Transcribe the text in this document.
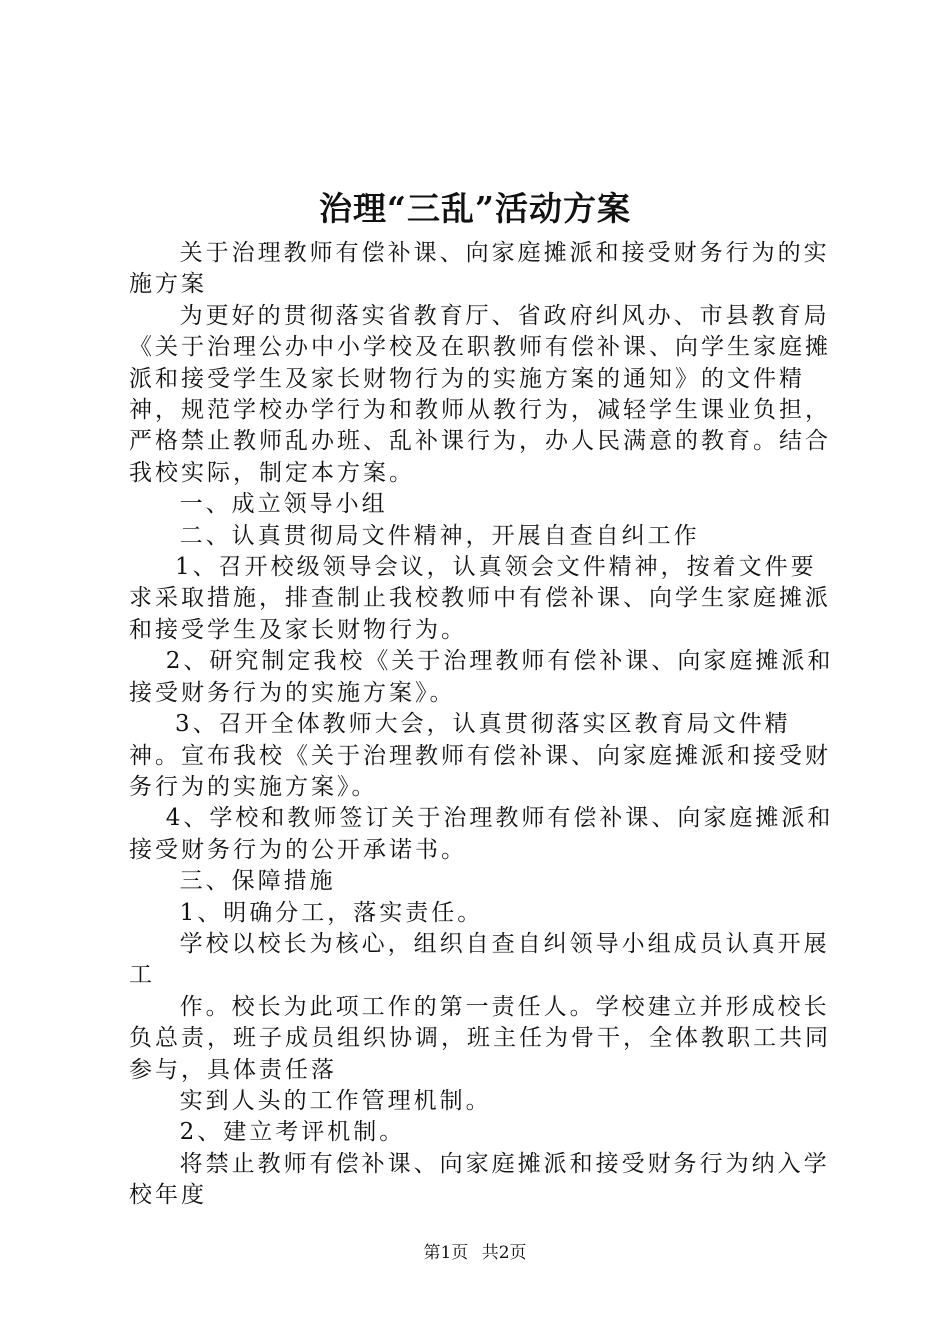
治理“三乱”活动方案

关于治理教师有偿补课、向家庭摊派和接受财务行为的实施方案

为更好的贯彻落实省教育厅、省政府纠风办、市县教育局《关于治理公办中小学校及在职教师有偿补课、向学生家庭摊派和接受学生及家长财物行为的实施方案的通知》的文件精神，规范学校办学行为和教师从教行为，减轻学生课业负担，严格禁止教师乱办班、乱补课行为，办人民满意的教育。结合我校实际，制定本方案。

一、成立领导小组

二、认真贯彻局文件精神，开展自查自纠工作

1、召开校级领导会议，认真领会文件精神，按着文件要求采取措施，排查制止我校教师中有偿补课、向学生家庭摊派和接受学生及家长财物行为。

2、研究制定我校《关于治理教师有偿补课、向家庭摊派和接受财务行为的实施方案》。

3、召开全体教师大会，认真贯彻落实区教育局文件精神。宣布我校《关于治理教师有偿补课、向家庭摊派和接受财务行为的实施方案》。

4、学校和教师签订关于治理教师有偿补课、向家庭摊派和接受财务行为的公开承诺书。

三、保障措施

1、明确分工，落实责任。

学校以校长为核心，组织自查自纠领导小组成员认真开展工

作。校长为此项工作的第一责任人。学校建立并形成校长负总责，班子成员组织协调，班主任为骨干，全体教职工共同参与，具体责任落

实到人头的工作管理机制。

2、建立考评机制。

将禁止教师有偿补课、向家庭摊派和接受财务行为纳入学校年度

第1页 共2页
